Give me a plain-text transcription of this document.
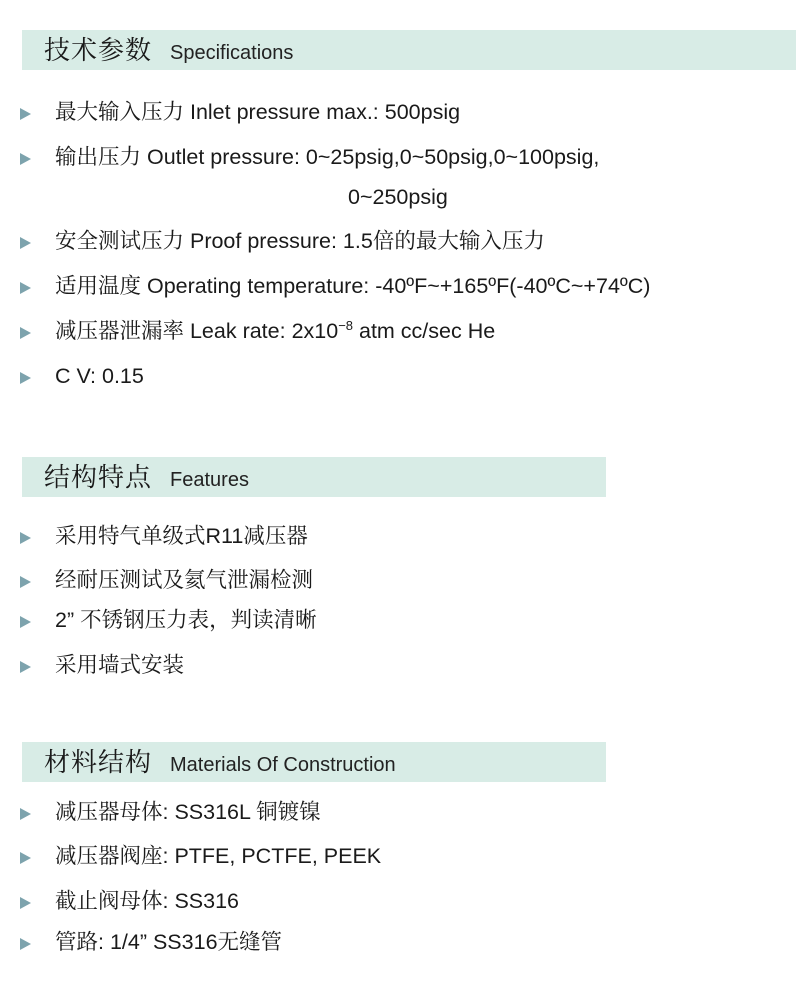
技术参数 Specifications
最大输入压力 Inlet pressure max.: 500psig
输出压力 Outlet pressure: 0~25psig,0~50psig,0~100psig,
0~250psig
安全测试压力 Proof pressure: 1.5倍的最大输入压力
适用温度 Operating temperature: -40ºF~+165ºF(-40ºC~+74ºC)
减压器泄漏率 Leak rate: $2x10^{-8}$ atm cc/sec He
C V: 0.15
结构特点 Features
采用特气单级式R11减压器
经耐压测试及氦气泄漏检测
2” 不锈钢压力表，判读清晰
采用墙式安装
材料结构 Materials Of Construction
减压器母体: SS316L 铜镀镍
减压器阀座: PTFE, PCTFE, PEEK
截止阀母体: SS316
管路: 1/4” SS316无缝管
